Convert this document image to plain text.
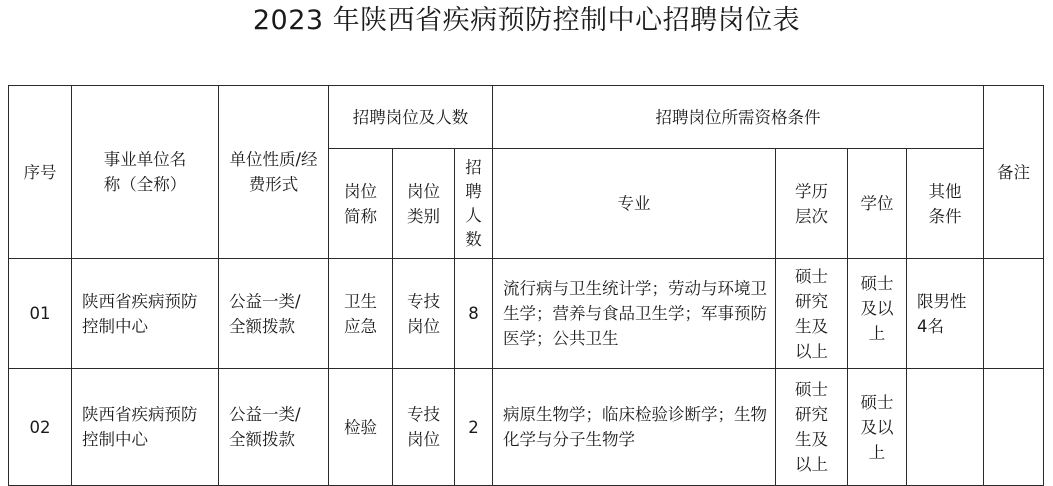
2023 年陕西省疾病预防控制中心招聘岗位表
序号	事业单位名称（全称）	单位性质/经费形式	招聘岗位及人数			招聘岗位所需资格条件				备注
			岗位简称	岗位类别	招聘人数	专业	学历层次	学位	其他条件	
01	陕西省疾病预防控制中心	公益一类/全额拨款	卫生应急	专技岗位	8	流行病与卫生统计学；劳动与环境卫生学；营养与食品卫生学；军事预防医学；公共卫生	硕士研究生及以上	硕士及以上	限男性4名	
02	陕西省疾病预防控制中心	公益一类/全额拨款	检验	专技岗位	2	病原生物学；临床检验诊断学；生物化学与分子生物学	硕士研究生及以上	硕士及以上		
